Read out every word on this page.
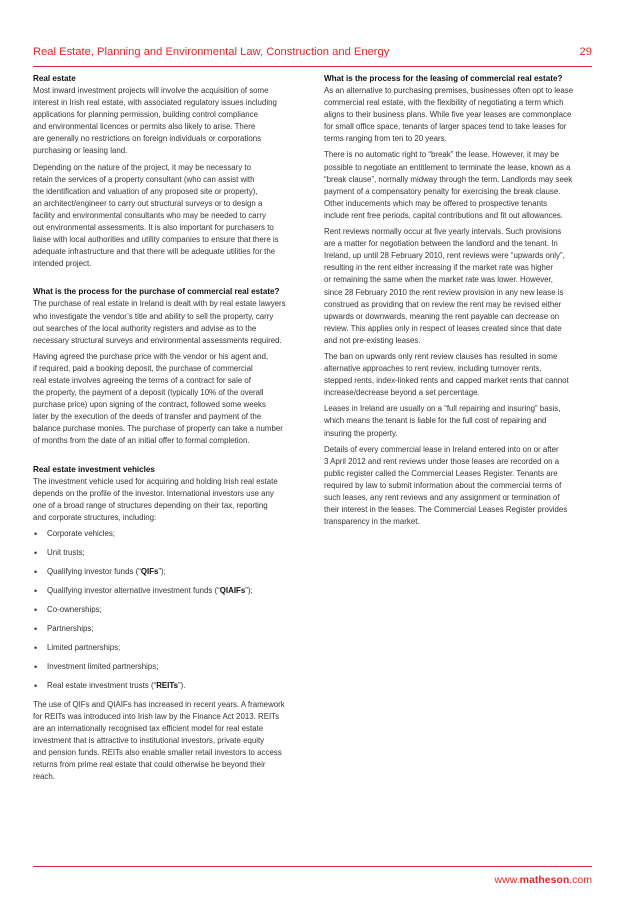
Real Estate, Planning and Environmental Law, Construction and Energy	29
Real estate

Most inward investment projects will involve the acquisition of some
interest in Irish real estate, with associated regulatory issues including
applications for planning permission, building control compliance
and environmental licences or permits also likely to arise. There
are generally no restrictions on foreign individuals or corporations
purchasing or leasing land.

Depending on the nature of the project, it may be necessary to
retain the services of a property consultant (who can assist with
the identification and valuation of any proposed site or property),
an architect/engineer to carry out structural surveys or to design a
facility and environmental consultants who may be needed to carry
out environmental assessments. It is also important for purchasers to
liaise with local authorities and utility companies to ensure that there is
adequate infrastructure and that there will be adequate utilities for the
intended project.

What is the process for the purchase of commercial real estate?

The purchase of real estate in Ireland is dealt with by real estate lawyers
who investigate the vendor’s title and ability to sell the property, carry
out searches of the local authority registers and advise as to the
necessary structural surveys and environmental assessments required.

Having agreed the purchase price with the vendor or his agent and,
if required, paid a booking deposit, the purchase of commercial
real estate involves agreeing the terms of a contract for sale of
the property, the payment of a deposit (typically 10% of the overall
purchase price) upon signing of the contract, followed some weeks
later by the execution of the deeds of transfer and payment of the
balance purchase monies. The purchase of property can take a number
of months from the date of an initial offer to formal completion.

Real estate investment vehicles

The investment vehicle used for acquiring and holding Irish real estate
depends on the profile of the investor. International investors use any
one of a broad range of structures depending on their tax, reporting
and corporate structures, including:

• Corporate vehicles;
• Unit trusts;
• Qualifying investor funds (“QIFs”);
• Qualifying investor alternative investment funds (“QIAIFs”);
• Co-ownerships;
• Partnerships;
• Limited partnerships;
• Investment limited partnerships;
• Real estate investment trusts (“REITs”).

The use of QIFs and QIAIFs has increased in recent years. A framework
for REITs was introduced into Irish law by the Finance Act 2013. REITs
are an internationally recognised tax efficient model for real estate
investment that is attractive to institutional investors, private equity
and pension funds. REITs also enable smaller retail investors to access
returns from prime real estate that could otherwise be beyond their
reach.

What is the process for the leasing of commercial real estate?

As an alternative to purchasing premises, businesses often opt to lease
commercial real estate, with the flexibility of negotiating a term which
aligns to their business plans. While five year leases are commonplace
for small office space, tenants of larger spaces tend to take leases for
terms ranging from ten to 20 years.

There is no automatic right to “break” the lease. However, it may be
possible to negotiate an entitlement to terminate the lease, known as a
“break clause”, normally midway through the term. Landlords may seek
payment of a compensatory penalty for exercising the break clause.
Other inducements which may be offered to prospective tenants
include rent free periods, capital contributions and fit out allowances.

Rent reviews normally occur at five yearly intervals. Such provisions
are a matter for negotiation between the landlord and the tenant. In
Ireland, up until 28 February 2010, rent reviews were “upwards only”,
resulting in the rent either increasing if the market rate was higher
or remaining the same when the market rate was lower. However,
since 28 February 2010 the rent review provision in any new lease is
construed as providing that on review the rent may be revised either
upwards or downwards, meaning the rent payable can decrease on
review. This applies only in respect of leases created since that date
and not pre-existing leases.

The ban on upwards only rent review clauses has resulted in some
alternative approaches to rent review, including turnover rents,
stepped rents, index-linked rents and capped market rents that cannot
increase/decrease beyond a set percentage.

Leases in Ireland are usually on a “full repairing and insuring” basis,
which means the tenant is liable for the full cost of repairing and
insuring the property.

Details of every commercial lease in Ireland entered into on or after
3 April 2012 and rent reviews under those leases are recorded on a
public register called the Commercial Leases Register. Tenants are
required by law to submit information about the commercial terms of
such leases, any rent reviews and any assignment or termination of
their interest in the leases. The Commercial Leases Register provides
transparency in the market.

www.matheson.com
